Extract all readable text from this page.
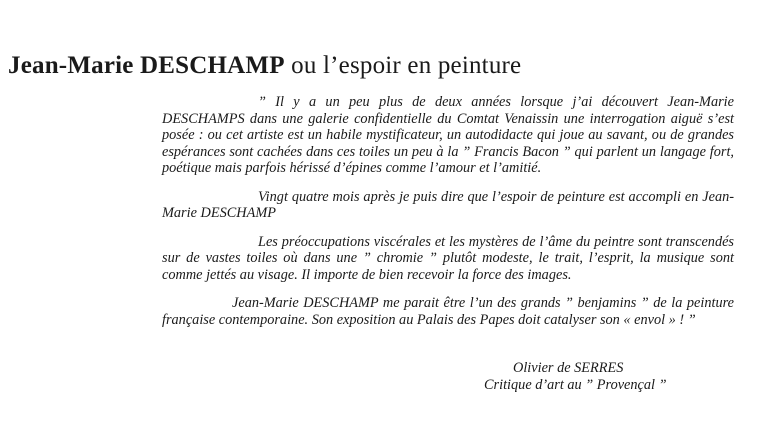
Jean-Marie DESCHAMP ou l’espoir en peinture

” Il y a un peu plus de deux années lorsque j’ai découvert Jean-Marie DESCHAMPS dans une galerie confidentielle du Comtat Venaissin une interrogation aiguë s’est posée : ou cet artiste est un habile mystificateur, un autodidacte qui joue au savant, ou de grandes espérances sont cachées dans ces toiles un peu à la ” Francis Bacon ” qui parlent un langage fort, poétique mais parfois hérissé d’épines comme l’amour et l’amitié.

Vingt quatre mois après je puis dire que l’espoir de peinture est accompli en Jean-Marie DESCHAMP

Les préoccupations viscérales et les mystères de l’âme du peintre sont transcendés sur de vastes toiles où dans une ” chromie ” plutôt modeste, le trait, l’esprit, la musique sont comme jettés au visage. Il importe de bien recevoir la force des images.

Jean-Marie DESCHAMP me parait être l’un des grands ” benjamins ” de la peinture française contemporaine. Son exposition au Palais des Papes doit catalyser son « envol » ! ”

Olivier de SERRES
Critique d’art au ” Provençal ”
